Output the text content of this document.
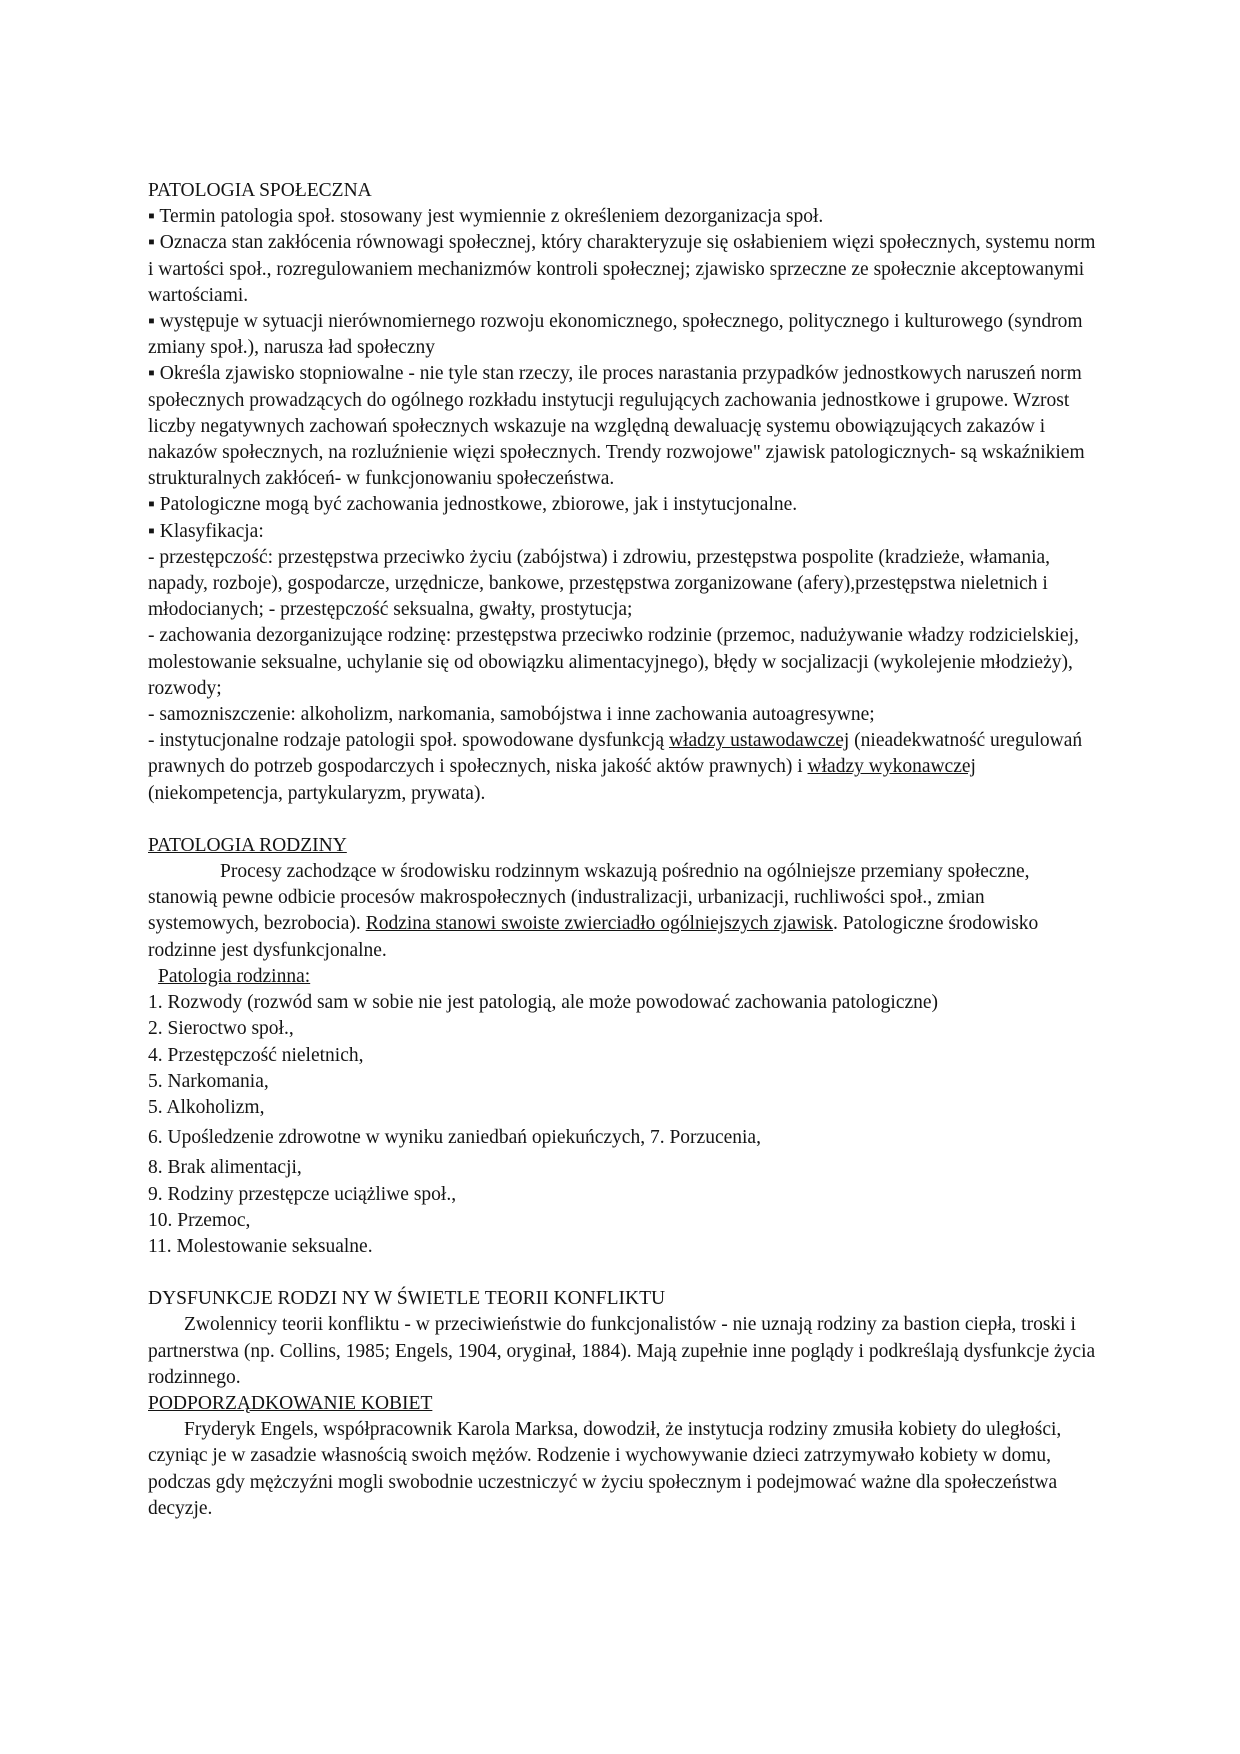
PATOLOGIA SPOŁECZNA

▪ Termin patologia społ. stosowany jest wymiennie z określeniem dezorganizacja społ.

▪ Oznacza stan zakłócenia równowagi społecznej, który charakteryzuje się osłabieniem więzi społecznych, systemu norm i wartości społ., rozregulowaniem mechanizmów kontroli społecznej; zjawisko sprzeczne ze społecznie akceptowanymi wartościami.

▪ występuje w sytuacji nierównomiernego rozwoju ekonomicznego, społecznego, politycznego i kulturowego (syndrom zmiany społ.), narusza ład społeczny

▪ Określa zjawisko stopniowalne - nie tyle stan rzeczy, ile proces narastania przypadków jednostkowych naruszeń norm społecznych prowadzących do ogólnego rozkładu instytucji regulujących zachowania jednostkowe i grupowe. Wzrost liczby negatywnych zachowań społecznych wskazuje na względną dewaluację systemu obowiązujących zakazów i nakazów społecznych, na rozluźnienie więzi społecznych. Trendy rozwojowe" zjawisk patologicznych- są wskaźnikiem strukturalnych zakłóceń- w funkcjonowaniu społeczeństwa.

▪ Patologiczne mogą być zachowania jednostkowe, zbiorowe, jak i instytucjonalne.

▪ Klasyfikacja:

- przestępczość: przestępstwa przeciwko życiu (zabójstwa) i zdrowiu, przestępstwa pospolite (kradzieże, włamania, napady, rozboje), gospodarcze, urzędnicze, bankowe, przestępstwa zorganizowane (afery),przestępstwa nieletnich i młodocianych; - przestępczość seksualna, gwałty, prostytucja;

- zachowania dezorganizujące rodzinę: przestępstwa przeciwko rodzinie (przemoc, nadużywanie władzy rodzicielskiej, molestowanie seksualne, uchylanie się od obowiązku alimentacyjnego), błędy w socjalizacji (wykolejenie młodzieży), rozwody;

- samozniszczenie: alkoholizm, narkomania, samobójstwa i inne zachowania autoagresywne;

- instytucjonalne rodzaje patologii społ. spowodowane dysfunkcją władzy ustawodawczej (nieadekwatność uregulowań prawnych do potrzeb gospodarczych i społecznych, niska jakość aktów prawnych) i władzy wykonawczej (niekompetencja, partykularyzm, prywata).

PATOLOGIA RODZINY

Procesy zachodzące w środowisku rodzinnym wskazują pośrednio na ogólniejsze przemiany społeczne, stanowią pewne odbicie procesów makrospołecznych (industralizacji, urbanizacji, ruchliwości społ., zmian systemowych, bezrobocia). Rodzina stanowi swoiste zwierciadło ogólniejszych zjawisk. Patologiczne środowisko rodzinne jest dysfunkcjonalne.

Patologia rodzinna:

1. Rozwody (rozwód sam w sobie nie jest patologią, ale może powodować zachowania patologiczne)

2. Sieroctwo społ.,

4. Przestępczość nieletnich,

5. Narkomania,

5. Alkoholizm,

6. Upośledzenie zdrowotne w wyniku zaniedbań opiekuńczych, 7. Porzucenia,

8. Brak alimentacji,

9. Rodziny przestępcze uciążliwe społ.,

10. Przemoc,

11. Molestowanie seksualne.

DYSFUNKCJE RODZI NY W ŚWIETLE TEORII KONFLIKTU

Zwolennicy teorii konfliktu - w przeciwieństwie do funkcjonalistów - nie uznają rodziny za bastion ciepła, troski i partnerstwa (np. Collins, 1985; Engels, 1904, oryginał, 1884). Mają zupełnie inne poglądy i podkreślają dysfunkcje życia rodzinnego.

PODPORZĄDKOWANIE KOBIET

Fryderyk Engels, współpracownik Karola Marksa, dowodził, że instytucja rodziny zmusiła kobiety do uległości, czyniąc je w zasadzie własnością swoich mężów. Rodzenie i wychowywanie dzieci zatrzymywało kobiety w domu, podczas gdy mężczyźni mogli swobodnie uczestniczyć w życiu społecznym i podejmować ważne dla społeczeństwa decyzje.
